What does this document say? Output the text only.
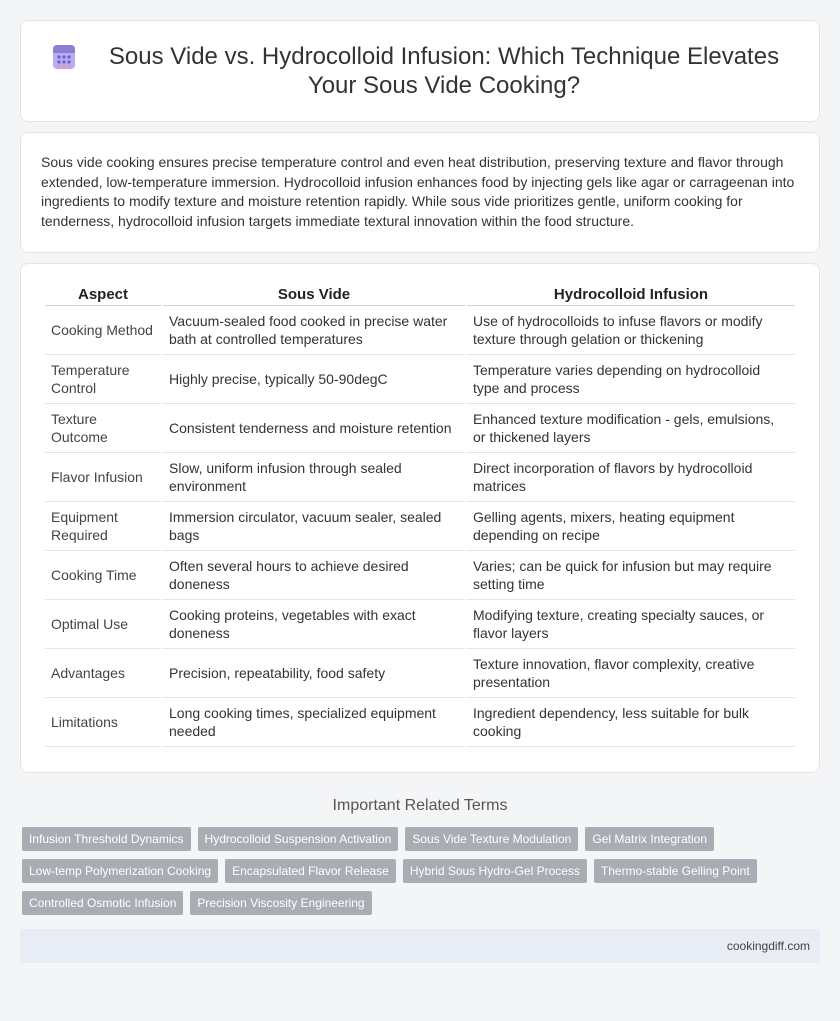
Sous Vide vs. Hydrocolloid Infusion: Which Technique Elevates Your Sous Vide Cooking?

Sous vide cooking ensures precise temperature control and even heat distribution, preserving texture and flavor through extended, low-temperature immersion. Hydrocolloid infusion enhances food by injecting gels like agar or carrageenan into ingredients to modify texture and moisture retention rapidly. While sous vide prioritizes gentle, uniform cooking for tenderness, hydrocolloid infusion targets immediate textural innovation within the food structure.

Aspect	Sous Vide	Hydrocolloid Infusion
Cooking Method	Vacuum-sealed food cooked in precise water bath at controlled temperatures	Use of hydrocolloids to infuse flavors or modify texture through gelation or thickening
Temperature Control	Highly precise, typically 50-90degC	Temperature varies depending on hydrocolloid type and process
Texture Outcome	Consistent tenderness and moisture retention	Enhanced texture modification - gels, emulsions, or thickened layers
Flavor Infusion	Slow, uniform infusion through sealed environment	Direct incorporation of flavors by hydrocolloid matrices
Equipment Required	Immersion circulator, vacuum sealer, sealed bags	Gelling agents, mixers, heating equipment depending on recipe
Cooking Time	Often several hours to achieve desired doneness	Varies; can be quick for infusion but may require setting time
Optimal Use	Cooking proteins, vegetables with exact doneness	Modifying texture, creating specialty sauces, or flavor layers
Advantages	Precision, repeatability, food safety	Texture innovation, flavor complexity, creative presentation
Limitations	Long cooking times, specialized equipment needed	Ingredient dependency, less suitable for bulk cooking
Important Related Terms
Infusion Threshold Dynamics	Hydrocolloid Suspension Activation	Sous Vide Texture Modulation	Gel Matrix Integration
Low-temp Polymerization Cooking	Encapsulated Flavor Release	Hybrid Sous Hydro-Gel Process	Thermo-stable Gelling Point
Controlled Osmotic Infusion	Precision Viscosity Engineering
cookingdiff.com
